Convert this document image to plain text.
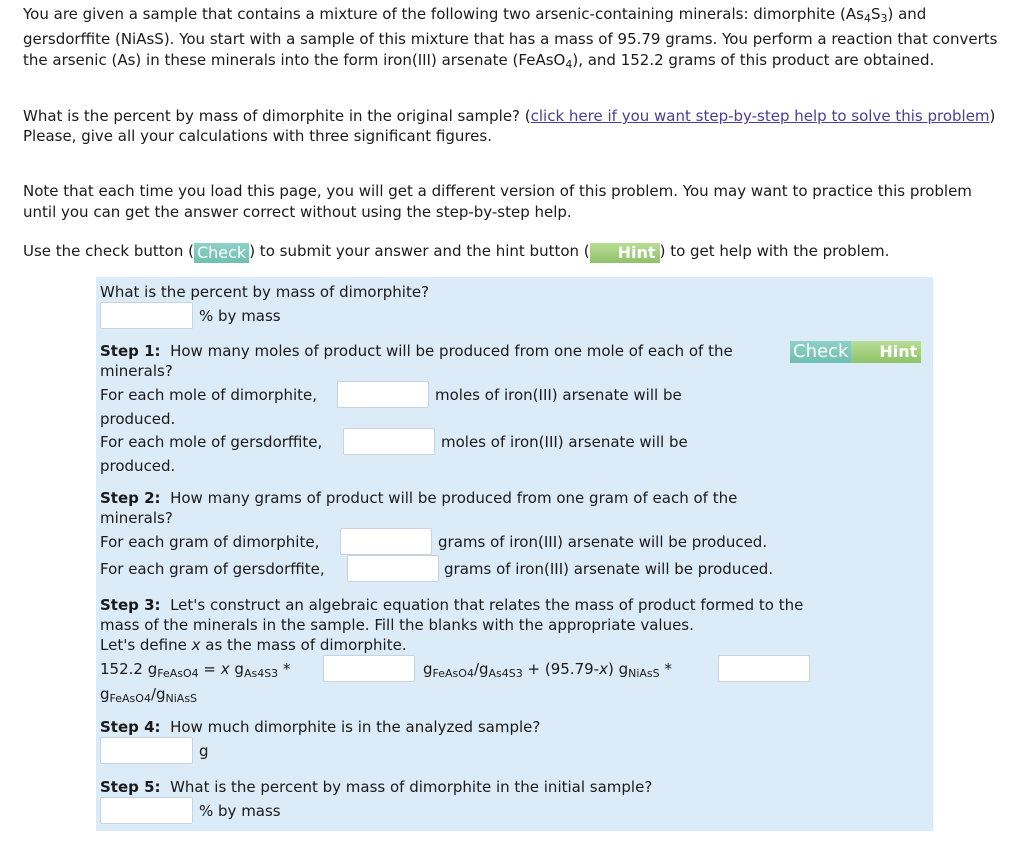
You are given a sample that contains a mixture of the following two arsenic-containing minerals: dimorphite $(As_4S_3)$ and gersdorffite (NiAsS). You start with a sample of this mixture that has a mass of 95.79 grams. You perform a reaction that converts the arsenic (As) in these minerals into the form iron(III) arsenate (FeAsO$_4$), and 152.2 grams of this product are obtained.
What is the percent by mass of dimorphite in the original sample? (click here if you want step-by-step help to solve this problem)
Please, give all your calculations with three significant figures.
Note that each time you load this page, you will get a different version of this problem. You may want to practice this problem until you can get the answer correct without using the step-by-step help.
Use the check button ( Check ) to submit your answer and the hint button ( Hint ) to get help with the problem.
What is the percent by mass of dimorphite?
% by mass
Step 1: How many moles of product will be produced from one mole of each of the	Check Hint
minerals?
For each mole of dimorphite,	moles of iron(III) arsenate will be
produced.
For each mole of gersdorffite,	moles of iron(III) arsenate will be
produced.
Step 2: How many grams of product will be produced from one gram of each of the
minerals?
For each gram of dimorphite,	grams of iron(III) arsenate will be produced.
For each gram of gersdorffite,	grams of iron(III) arsenate will be produced.
Step 3: Let's construct an algebraic equation that relates the mass of product formed to the
mass of the minerals in the sample. Fill the blanks with the appropriate values.
Let's define x as the mass of dimorphite.
152.2 $g_{FeAsO4} = x$ $g_{As4S3}$ *	$g_{FeAsO4}/g_{As4S3} + (95.79-x)$ $g_{NiAsS}$ *
$g_{FeAsO4}/g_{NiAsS}$
Step 4: How much dimorphite is in the analyzed sample?
g
Step 5: What is the percent by mass of dimorphite in the initial sample?
% by mass
